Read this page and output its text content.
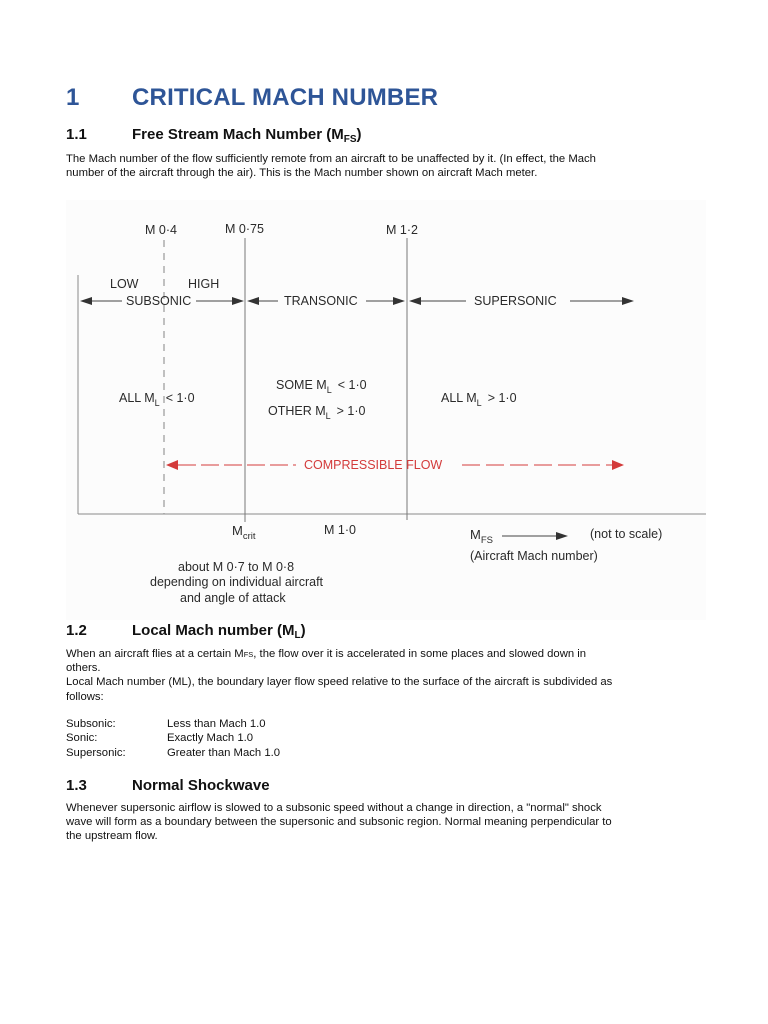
1	CRITICAL MACH NUMBER
1.1	Free Stream Mach Number $(M_{FS})$
The Mach number of the flow sufficiently remote from an aircraft to be unaffected by it. (In effect, the Mach
number of the aircraft through the air). This is the Mach number shown on aircraft Mach meter.
M 0·4	M 0·75	M 1·2
LOW	HIGH
SUBSONIC	TRANSONIC	SUPERSONIC
ALL $M_L < 1\cdot 0$
SOME $M_L < 1\cdot 0$
OTHER $M_L > 1\cdot 0$
ALL $M_L > 1\cdot 0$
COMPRESSIBLE FLOW
$M_{crit}$	M 1·0	$M_{FS}$	(not to scale)
(Aircraft Mach number)
about M 0·7 to M 0·8
depending on individual aircraft
and angle of attack
1.2	Local Mach number $(M_L)$
When an aircraft flies at a certain MFS, the flow over it is accelerated in some places and slowed down in
others.
Local Mach number (ML), the boundary layer flow speed relative to the surface of the aircraft is subdivided as
follows:
Subsonic:	Less than Mach 1.0
Sonic:	Exactly Mach 1.0
Supersonic:	Greater than Mach 1.0
1.3	Normal Shockwave
Whenever supersonic airflow is slowed to a subsonic speed without a change in direction, a "normal" shock
wave will form as a boundary between the supersonic and subsonic region. Normal meaning perpendicular to
the upstream flow.
